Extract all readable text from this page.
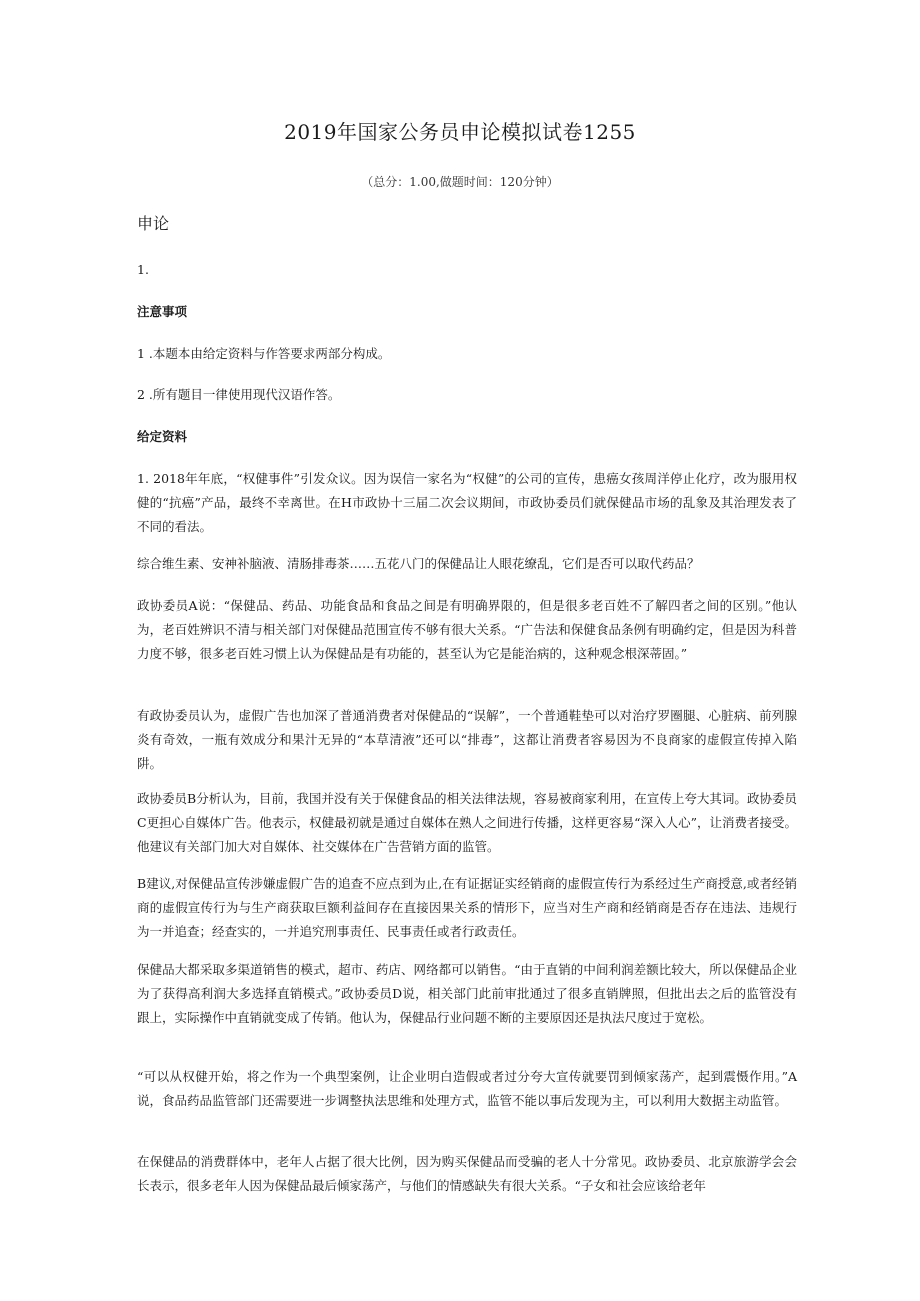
2019年国家公务员申论模拟试卷1255
（总分：1.00,做题时间：120分钟）
申论
1.
注意事项
1 .本题本由给定资料与作答要求两部分构成。
2 .所有题目一律使用现代汉语作答。
给定资料
1. 2018年年底，“权健事件”引发众议。因为误信一家名为“权健”的公司的宣传，患癌女孩周洋停止化疗，改为服用权健的“抗癌”产品，最终不幸离世。在H市政协十三届二次会议期间，市政协委员们就保健品市场的乱象及其治理发表了不同的看法。
综合维生素、安神补脑液、清肠排毒茶……五花八门的保健品让人眼花缭乱，它们是否可以取代药品？
政协委员A说：“保健品、药品、功能食品和食品之间是有明确界限的，但是很多老百姓不了解四者之间的区别。”他认为，老百姓辨识不清与相关部门对保健品范围宣传不够有很大关系。“广告法和保健食品条例有明确约定，但是因为科普力度不够，很多老百姓习惯上认为保健品是有功能的，甚至认为它是能治病的，这种观念根深蒂固。”
有政协委员认为，虚假广告也加深了普通消费者对保健品的“误解”，一个普通鞋垫可以对治疗罗圈腿、心脏病、前列腺炎有奇效，一瓶有效成分和果汁无异的“本草清液”还可以“排毒”，这都让消费者容易因为不良商家的虚假宣传掉入陷阱。
政协委员B分析认为，目前，我国并没有关于保健食品的相关法律法规，容易被商家利用，在宣传上夸大其词。政协委员C更担心自媒体广告。他表示，权健最初就是通过自媒体在熟人之间进行传播，这样更容易“深入人心”，让消费者接受。他建议有关部门加大对自媒体、社交媒体在广告营销方面的监管。
B建议,对保健品宣传涉嫌虚假广告的追查不应点到为止,在有证据证实经销商的虚假宣传行为系经过生产商授意,或者经销商的虚假宣传行为与生产商获取巨额利益间存在直接因果关系的情形下，应当对生产商和经销商是否存在违法、违规行为一并追查；经查实的，一并追究刑事责任、民事责任或者行政责任。
保健品大都采取多渠道销售的模式，超市、药店、网络都可以销售。“由于直销的中间利润差额比较大，所以保健品企业为了获得高利润大多选择直销模式。”政协委员D说，相关部门此前审批通过了很多直销牌照，但批出去之后的监管没有跟上，实际操作中直销就变成了传销。他认为，保健品行业问题不断的主要原因还是执法尺度过于宽松。
“可以从权健开始，将之作为一个典型案例，让企业明白造假或者过分夸大宣传就要罚到倾家荡产，起到震慑作用。”A说，食品药品监管部门还需要进一步调整执法思维和处理方式，监管不能以事后发现为主，可以利用大数据主动监管。
在保健品的消费群体中，老年人占据了很大比例，因为购买保健品而受骗的老人十分常见。政协委员、北京旅游学会会长表示，很多老年人因为保健品最后倾家荡产，与他们的情感缺失有很大关系。“子女和社会应该给老年
